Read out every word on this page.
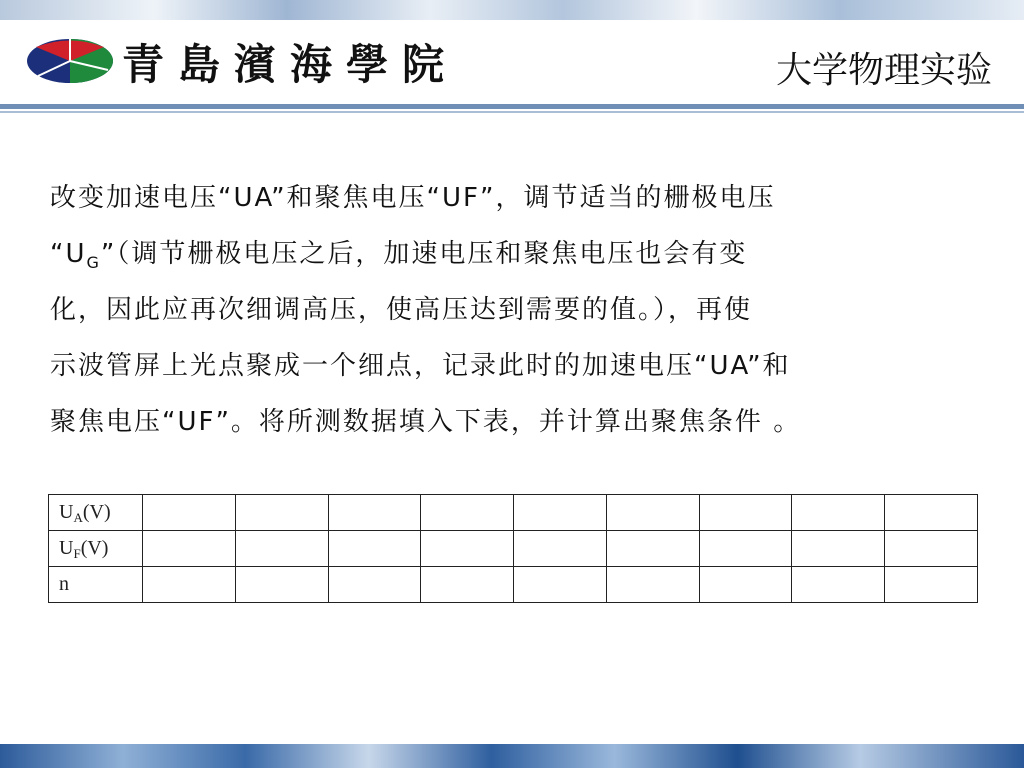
青島濱海學院	大学物理实验
改变加速电压“UA”和聚焦电压“UF”，调节适当的栅极电压
“$U_G$”（调节栅极电压之后，加速电压和聚焦电压也会有变
化，因此应再次细调高压，使高压达到需要的值。），再使
示波管屏上光点聚成一个细点，记录此时的加速电压“UA”和
聚焦电压“UF”。将所测数据填入下表，并计算出聚焦条件 。
$U_A(V)$									
$U_F(V)$									
n									
